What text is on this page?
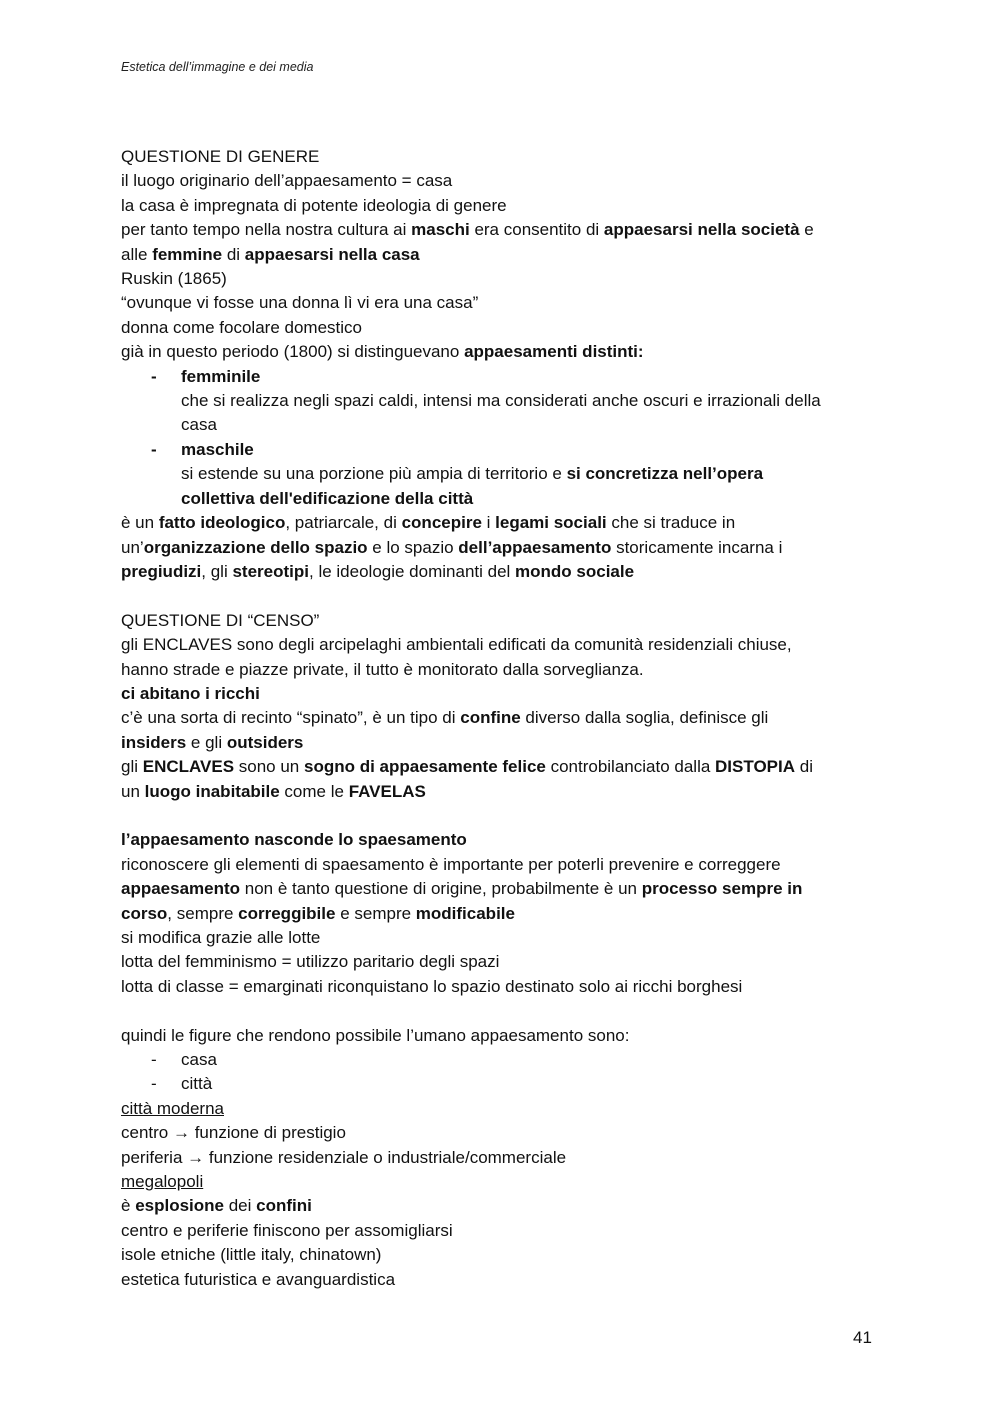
Estetica dell’immagine e dei media
QUESTIONE DI GENERE
il luogo originario dell’appaesamento = casa
la casa è impregnata di potente ideologia di genere
per tanto tempo nella nostra cultura ai maschi era consentito di appaesarsi nella società e
alle femmine di appaesarsi nella casa
Ruskin (1865)
“ovunque vi fosse una donna lì vi era una casa”
donna come focolare domestico
già in questo periodo (1800) si distinguevano appaesamenti distinti:
-	femminile
che si realizza negli spazi caldi, intensi ma considerati anche oscuri e irrazionali della
casa
-	maschile
si estende su una porzione più ampia di territorio e si concretizza nell’opera
collettiva dell'edificazione della città
è un fatto ideologico, patriarcale, di concepire i legami sociali che si traduce in
un’organizzazione dello spazio e lo spazio dell’appaesamento storicamente incarna i
pregiudizi, gli stereotipi, le ideologie dominanti del mondo sociale
QUESTIONE DI “CENSO”
gli ENCLAVES sono degli arcipelaghi ambientali edificati da comunità residenziali chiuse,
hanno strade e piazze private, il tutto è monitorato dalla sorveglianza.
ci abitano i ricchi
c’è una sorta di recinto “spinato”, è un tipo di confine diverso dalla soglia, definisce gli
insiders e gli outsiders
gli ENCLAVES sono un sogno di appaesamente felice controbilanciato dalla DISTOPIA di
un luogo inabitabile come le FAVELAS
l’appaesamento nasconde lo spaesamento
riconoscere gli elementi di spaesamento è importante per poterli prevenire e correggere
appaesamento non è tanto questione di origine, probabilmente è un processo sempre in
corso, sempre correggibile e sempre modificabile
si modifica grazie alle lotte
lotta del femminismo = utilizzo paritario degli spazi
lotta di classe = emarginati riconquistano lo spazio destinato solo ai ricchi borghesi
quindi le figure che rendono possibile l’umano appaesamento sono:
-	casa
-	città
città moderna
centro → funzione di prestigio
periferia → funzione residenziale o industriale/commerciale
megalopoli
è esplosione dei confini
centro e periferie finiscono per assomigliarsi
isole etniche (little italy, chinatown)
estetica futuristica e avanguardistica
41
